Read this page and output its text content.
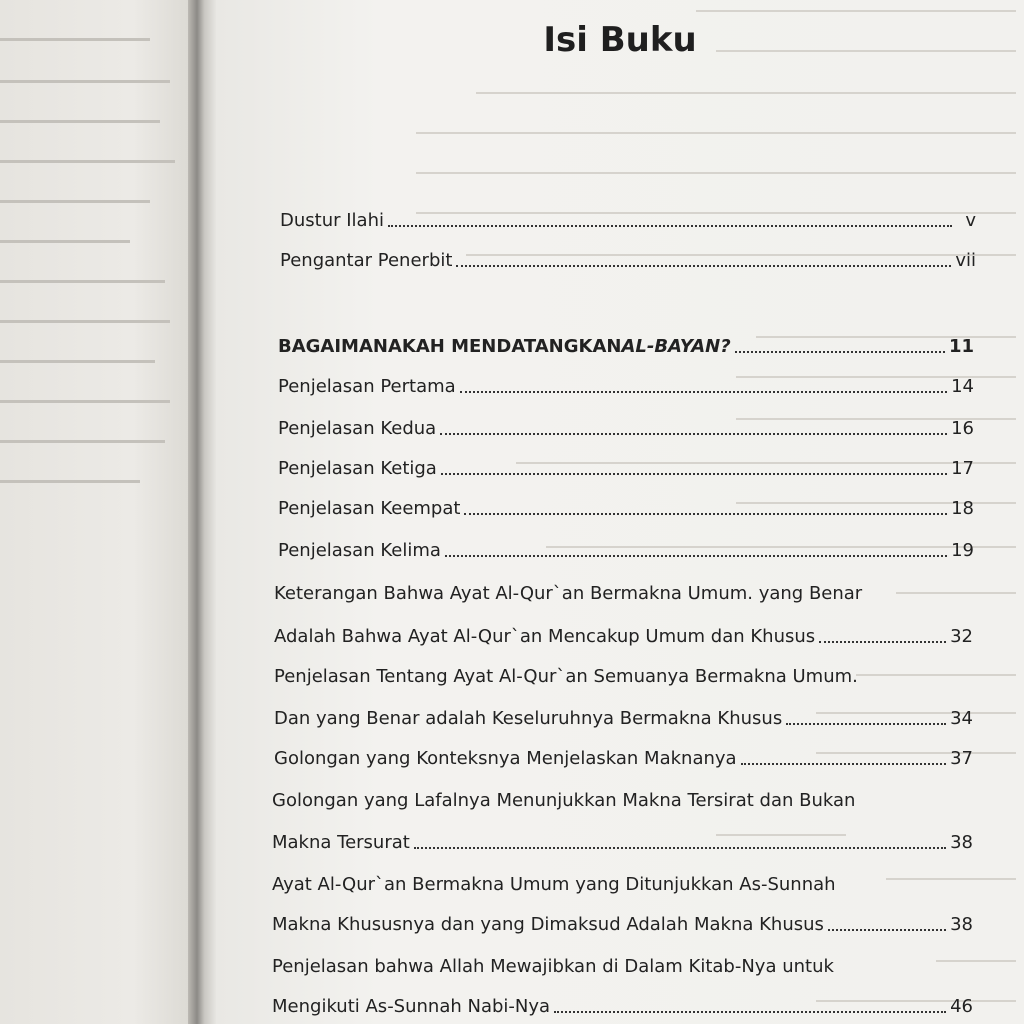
Isi Buku
Dustur Ilahi	v
Pengantar Penerbit	vii
BAGAIMANAKAH MENDATANGKAN AL-BAYAN?	11
Penjelasan Pertama	14
Penjelasan Kedua	16
Penjelasan Ketiga	17
Penjelasan Keempat	18
Penjelasan Kelima	19
Keterangan Bahwa Ayat Al-Qur`an Bermakna Umum. yang Benar
Adalah Bahwa Ayat Al-Qur`an Mencakup Umum dan Khusus	32
Penjelasan Tentang Ayat Al-Qur`an Semuanya Bermakna Umum.
Dan yang Benar adalah Keseluruhnya Bermakna Khusus	34
Golongan yang Konteksnya Menjelaskan Maknanya	37
Golongan yang Lafalnya Menunjukkan Makna Tersirat dan Bukan
Makna Tersurat	38
Ayat Al-Qur`an Bermakna Umum yang Ditunjukkan As-Sunnah
Makna Khususnya dan yang Dimaksud Adalah Makna Khusus	38
Penjelasan bahwa Allah Mewajibkan di Dalam Kitab-Nya untuk
Mengikuti As-Sunnah Nabi-Nya	46
